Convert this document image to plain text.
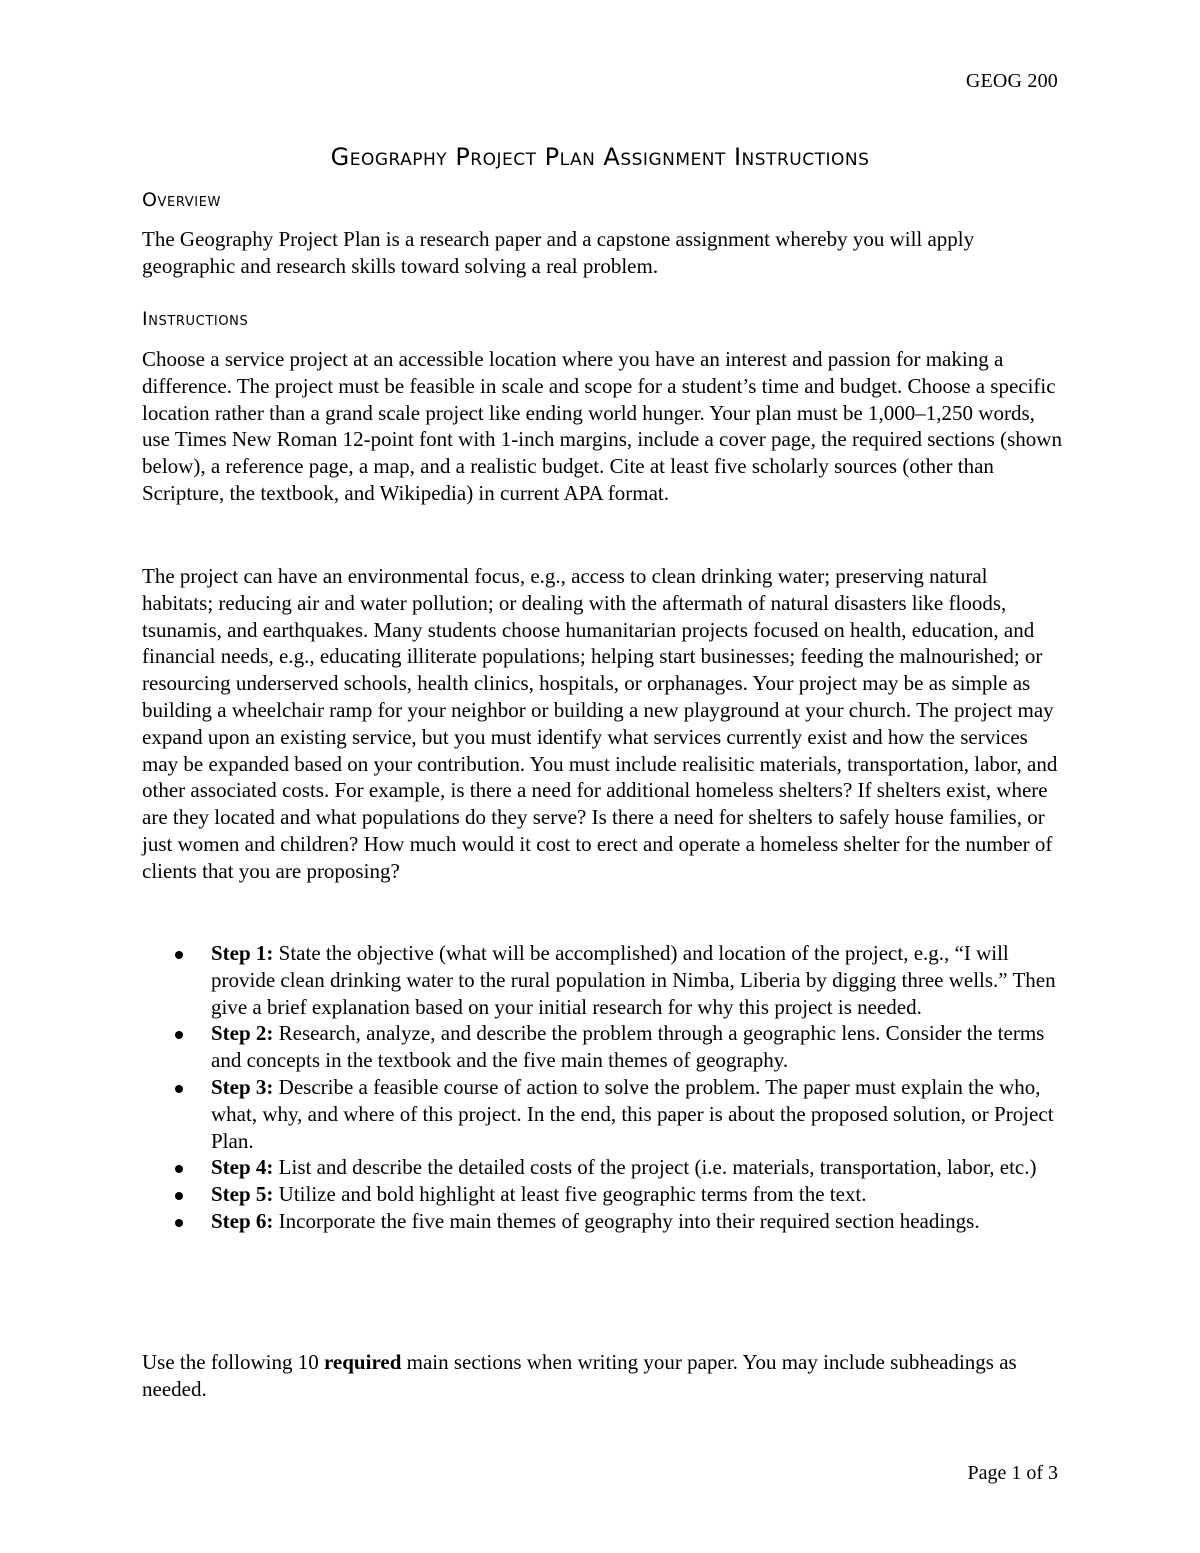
GEOG 200
Geography Project Plan Assignment Instructions
Overview

The Geography Project Plan is a research paper and a capstone assignment whereby you will apply geographic and research skills toward solving a real problem.

Instructions

Choose a service project at an accessible location where you have an interest and passion for making a difference. The project must be feasible in scale and scope for a student’s time and budget. Choose a specific location rather than a grand scale project like ending world hunger. Your plan must be 1,000–1,250 words, use Times New Roman 12-point font with 1-inch margins, include a cover page, the required sections (shown below), a reference page, a map, and a realistic budget. Cite at least five scholarly sources (other than Scripture, the textbook, and Wikipedia) in current APA format.

The project can have an environmental focus, e.g., access to clean drinking water; preserving natural habitats; reducing air and water pollution; or dealing with the aftermath of natural disasters like floods, tsunamis, and earthquakes. Many students choose humanitarian projects focused on health, education, and financial needs, e.g., educating illiterate populations; helping start businesses; feeding the malnourished; or resourcing underserved schools, health clinics, hospitals, or orphanages. Your project may be as simple as building a wheelchair ramp for your neighbor or building a new playground at your church. The project may expand upon an existing service, but you must identify what services currently exist and how the services may be expanded based on your contribution. You must include realisitic materials, transportation, labor, and other associated costs. For example, is there a need for additional homeless shelters? If shelters exist, where are they located and what populations do they serve? Is there a need for shelters to safely house families, or just women and children? How much would it cost to erect and operate a homeless shelter for the number of clients that you are proposing?

Step 1: State the objective (what will be accomplished) and location of the project, e.g., “I will provide clean drinking water to the rural population in Nimba, Liberia by digging three wells.” Then give a brief explanation based on your initial research for why this project is needed.
Step 2: Research, analyze, and describe the problem through a geographic lens. Consider the terms and concepts in the textbook and the five main themes of geography.
Step 3: Describe a feasible course of action to solve the problem. The paper must explain the who, what, why, and where of this project. In the end, this paper is about the proposed solution, or Project Plan.
Step 4: List and describe the detailed costs of the project (i.e. materials, transportation, labor, etc.)
Step 5: Utilize and bold highlight at least five geographic terms from the text.
Step 6: Incorporate the five main themes of geography into their required section headings.

Use the following 10 required main sections when writing your paper. You may include subheadings as needed.

Page 1 of 3
